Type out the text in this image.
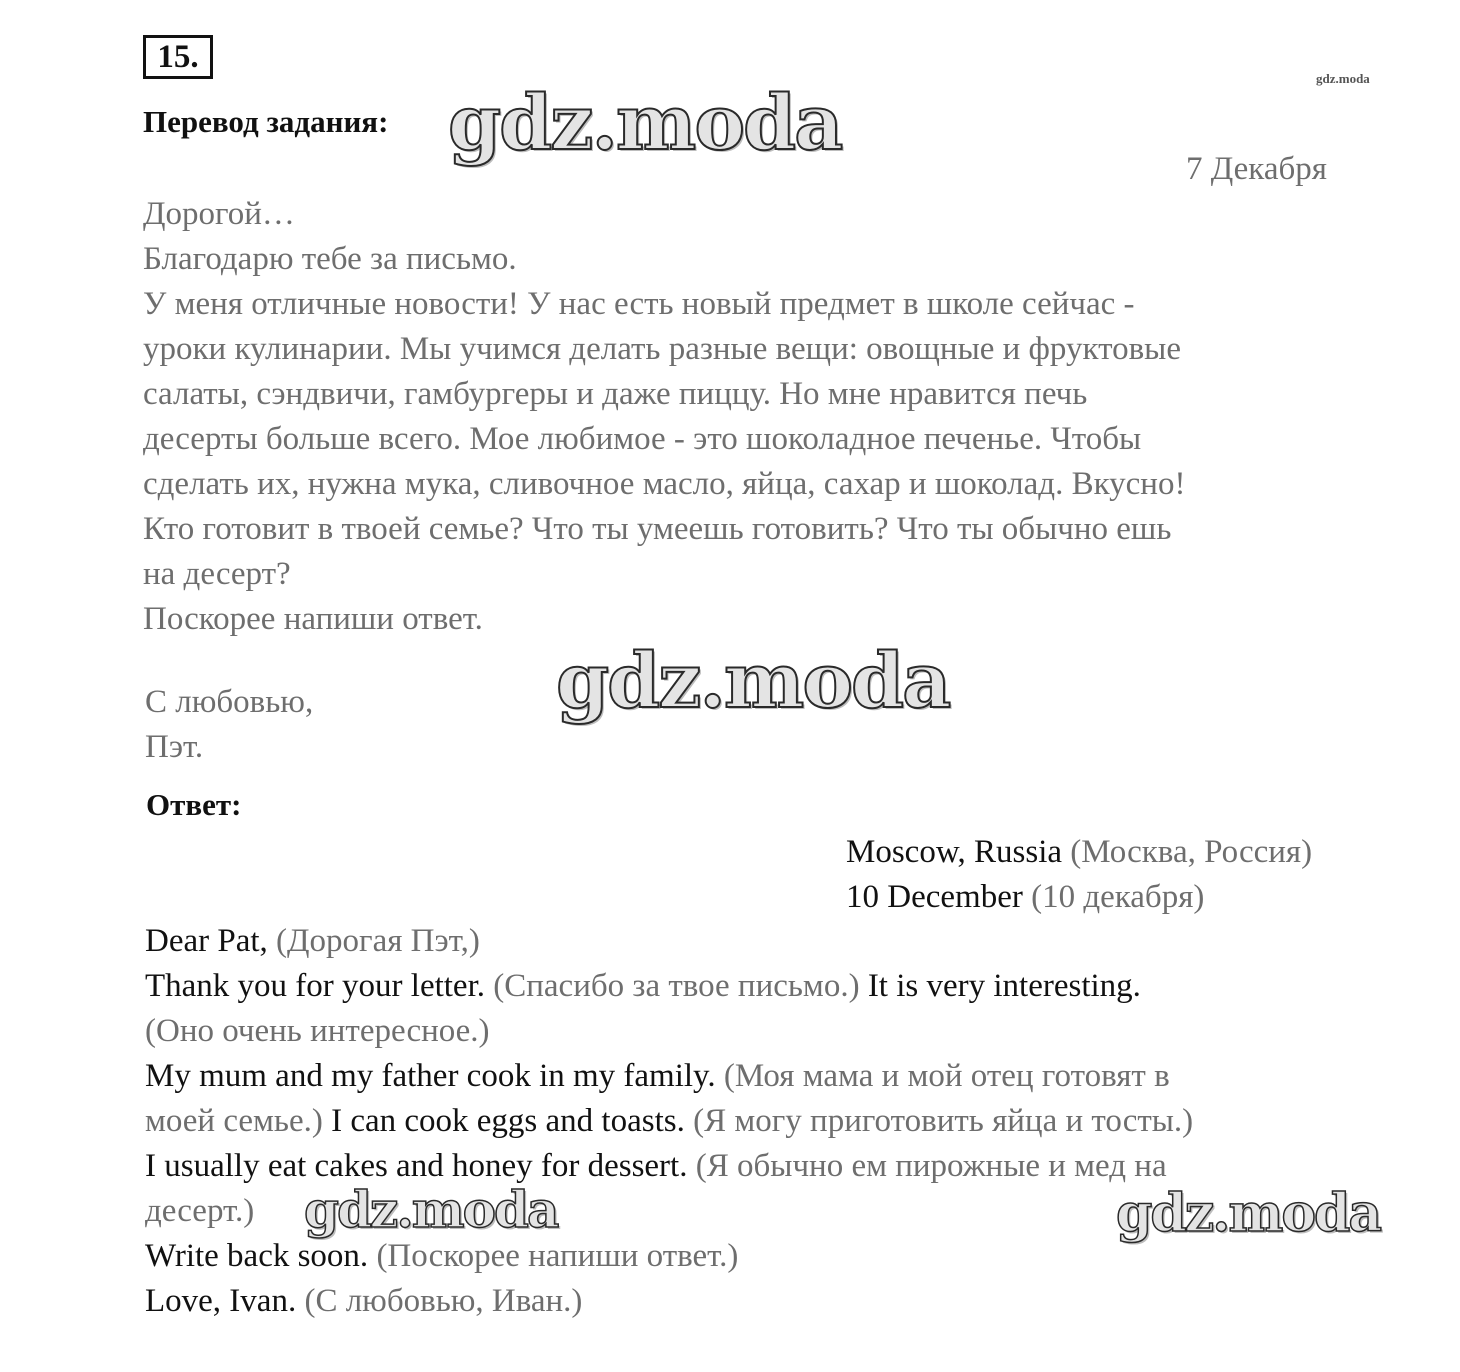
15.
gdz.moda
Перевод задания: gdz.moda
7 Декабря
Дорогой…
Благодарю тебе за письмо.
У меня отличные новости! У нас есть новый предмет в школе сейчас -
уроки кулинарии. Мы учимся делать разные вещи: овощные и фруктовые
салаты, сэндвичи, гамбургеры и даже пиццу. Но мне нравится печь
десерты больше всего. Мое любимое - это шоколадное печенье. Чтобы
сделать их, нужна мука, сливочное масло, яйца, сахар и шоколад. Вкусно!
Кто готовит в твоей семье? Что ты умеешь готовить? Что ты обычно ешь
на десерт?
Поскорее напиши ответ.
gdz.moda
С любовью,
Пэт.
Ответ:
Moscow, Russia (Москва, Россия)
10 December (10 декабря)
Dear Pat, (Дорогая Пэт,)
Thank you for your letter. (Спасибо за твое письмо.) It is very interesting.
(Оно очень интересное.)
My mum and my father cook in my family. (Моя мама и мой отец готовят в
моей семье.) I can cook eggs and toasts. (Я могу приготовить яйца и тосты.)
I usually eat cakes and honey for dessert. (Я обычно ем пирожные и мед на
десерт.)
Write back soon. (Поскорее напиши ответ.)
Love, Ivan. (С любовью, Иван.)
gdz.moda	gdz.moda
